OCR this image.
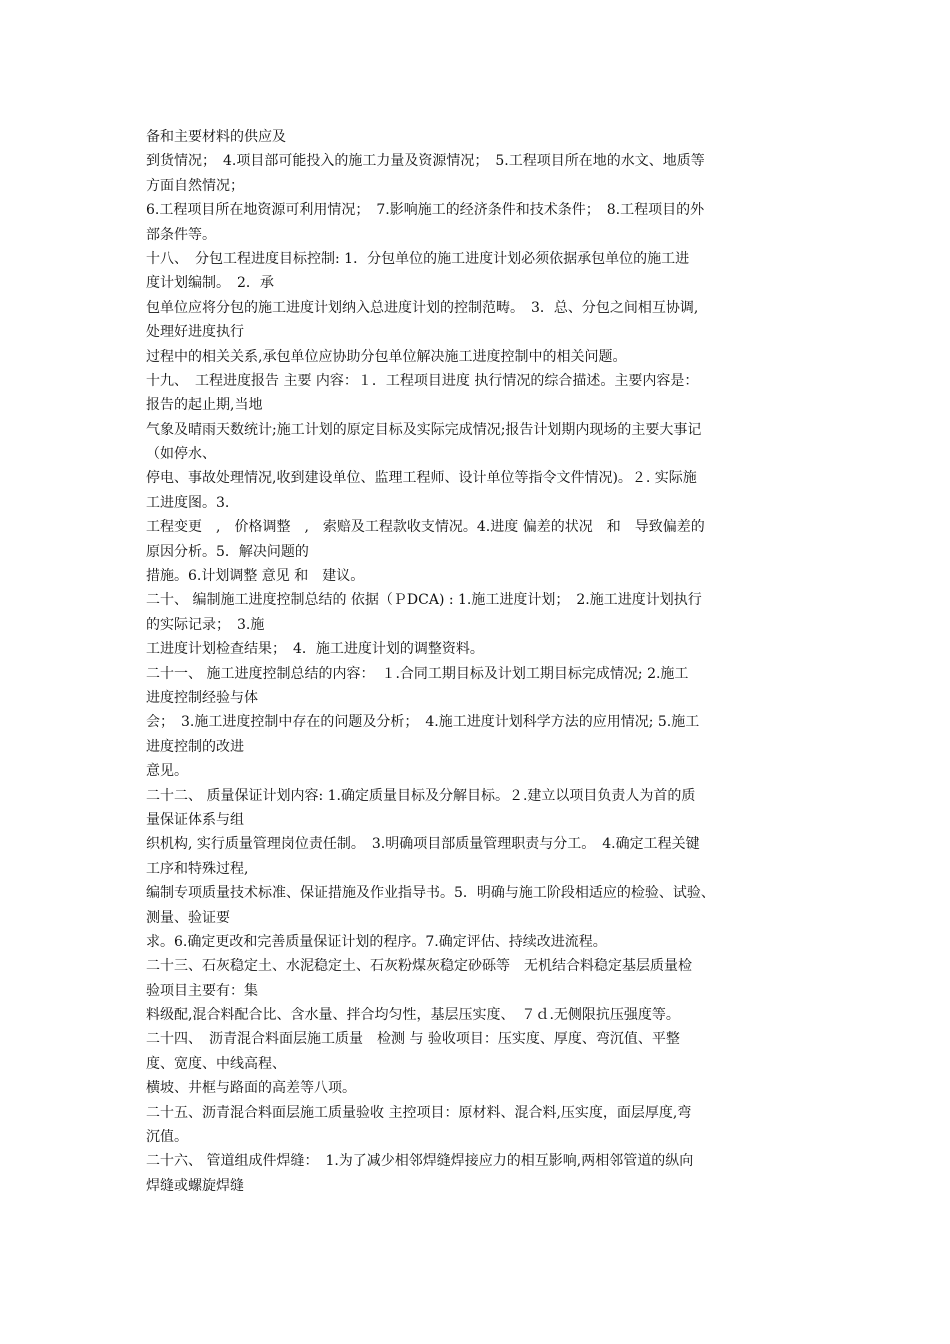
备和主要材料的供应及
到货情况；　4.项目部可能投入的施工力量及资源情况；　5.工程项目所在地的水文、地质等
方面自然情况；
6.工程项目所在地资源可利用情况；　7.影响施工的经济条件和技术条件；　8.工程项目的外
部条件等。
十八、　分包工程进度目标控制: 1．分包单位的施工进度计划必须依据承包单位的施工进
度计划编制。　2．承
包单位应将分包的施工进度计划纳入总进度计划的控制范畴。　3．总、分包之间相互协调,
处理好进度执行
过程中的相关关系,承包单位应协助分包单位解决施工进度控制中的相关问题。
十九、　工程进度报告 主要 内容：１．工程项目进度 执行情况的综合描述。主要内容是：
报告的起止期,当地
气象及晴雨天数统计;施工计划的原定目标及实际完成情况;报告计划期内现场的主要大事记
（如停水、
停电、事故处理情况,收到建设单位、监理工程师、设计单位等指令文件情况)。２. 实际施
工进度图。3.
工程变更　,　价格调整　,　索赔及工程款收支情况。4.进度 偏差的状况　和　导致偏差的
原因分析。5．解决问题的
措施。6.计划调整 意见 和　建议。
二十、 编制施工进度控制总结的 依据（ＰDCA) : 1.施工进度计划；　2.施工进度计划执行
的实际记录；　3.施
工进度计划检查结果；　4．施工进度计划的调整资料。
二十一、 施工进度控制总结的内容：　１.合同工期目标及计划工期目标完成情况; 2.施工
进度控制经验与体
会；　3.施工进度控制中存在的问题及分析；　4.施工进度计划科学方法的应用情况; 5.施工
进度控制的改进
意见。
二十二、 质量保证计划内容: 1.确定质量目标及分解目标。２.建立以项目负责人为首的质
量保证体系与组
织机构, 实行质量管理岗位责任制。　3.明确项目部质量管理职责与分工。　4.确定工程关键
工序和特殊过程,
编制专项质量技术标准、保证措施及作业指导书。5．明确与施工阶段相适应的检验、试验、
测量、验证要
求。6.确定更改和完善质量保证计划的程序。7.确定评估、持续改进流程。
二十三、石灰稳定土、水泥稳定土、石灰粉煤灰稳定砂砾等　无机结合料稳定基层质量检
验项目主要有：集
料级配,混合料配合比、含水量、拌合均匀性，基层压实度、　７ｄ.无侧限抗压强度等。
二十四、　沥青混合料面层施工质量　检测 与 验收项目：压实度、厚度、弯沉值、平整
度、宽度、中线高程、
横坡、井框与路面的高差等八项。
二十五、沥青混合料面层施工质量验收 主控项目：原材料、混合料,压实度，面层厚度,弯
沉值。
二十六、 管道组成件焊缝：　1.为了减少相邻焊缝焊接应力的相互影响,两相邻管道的纵向
焊缝或螺旋焊缝
